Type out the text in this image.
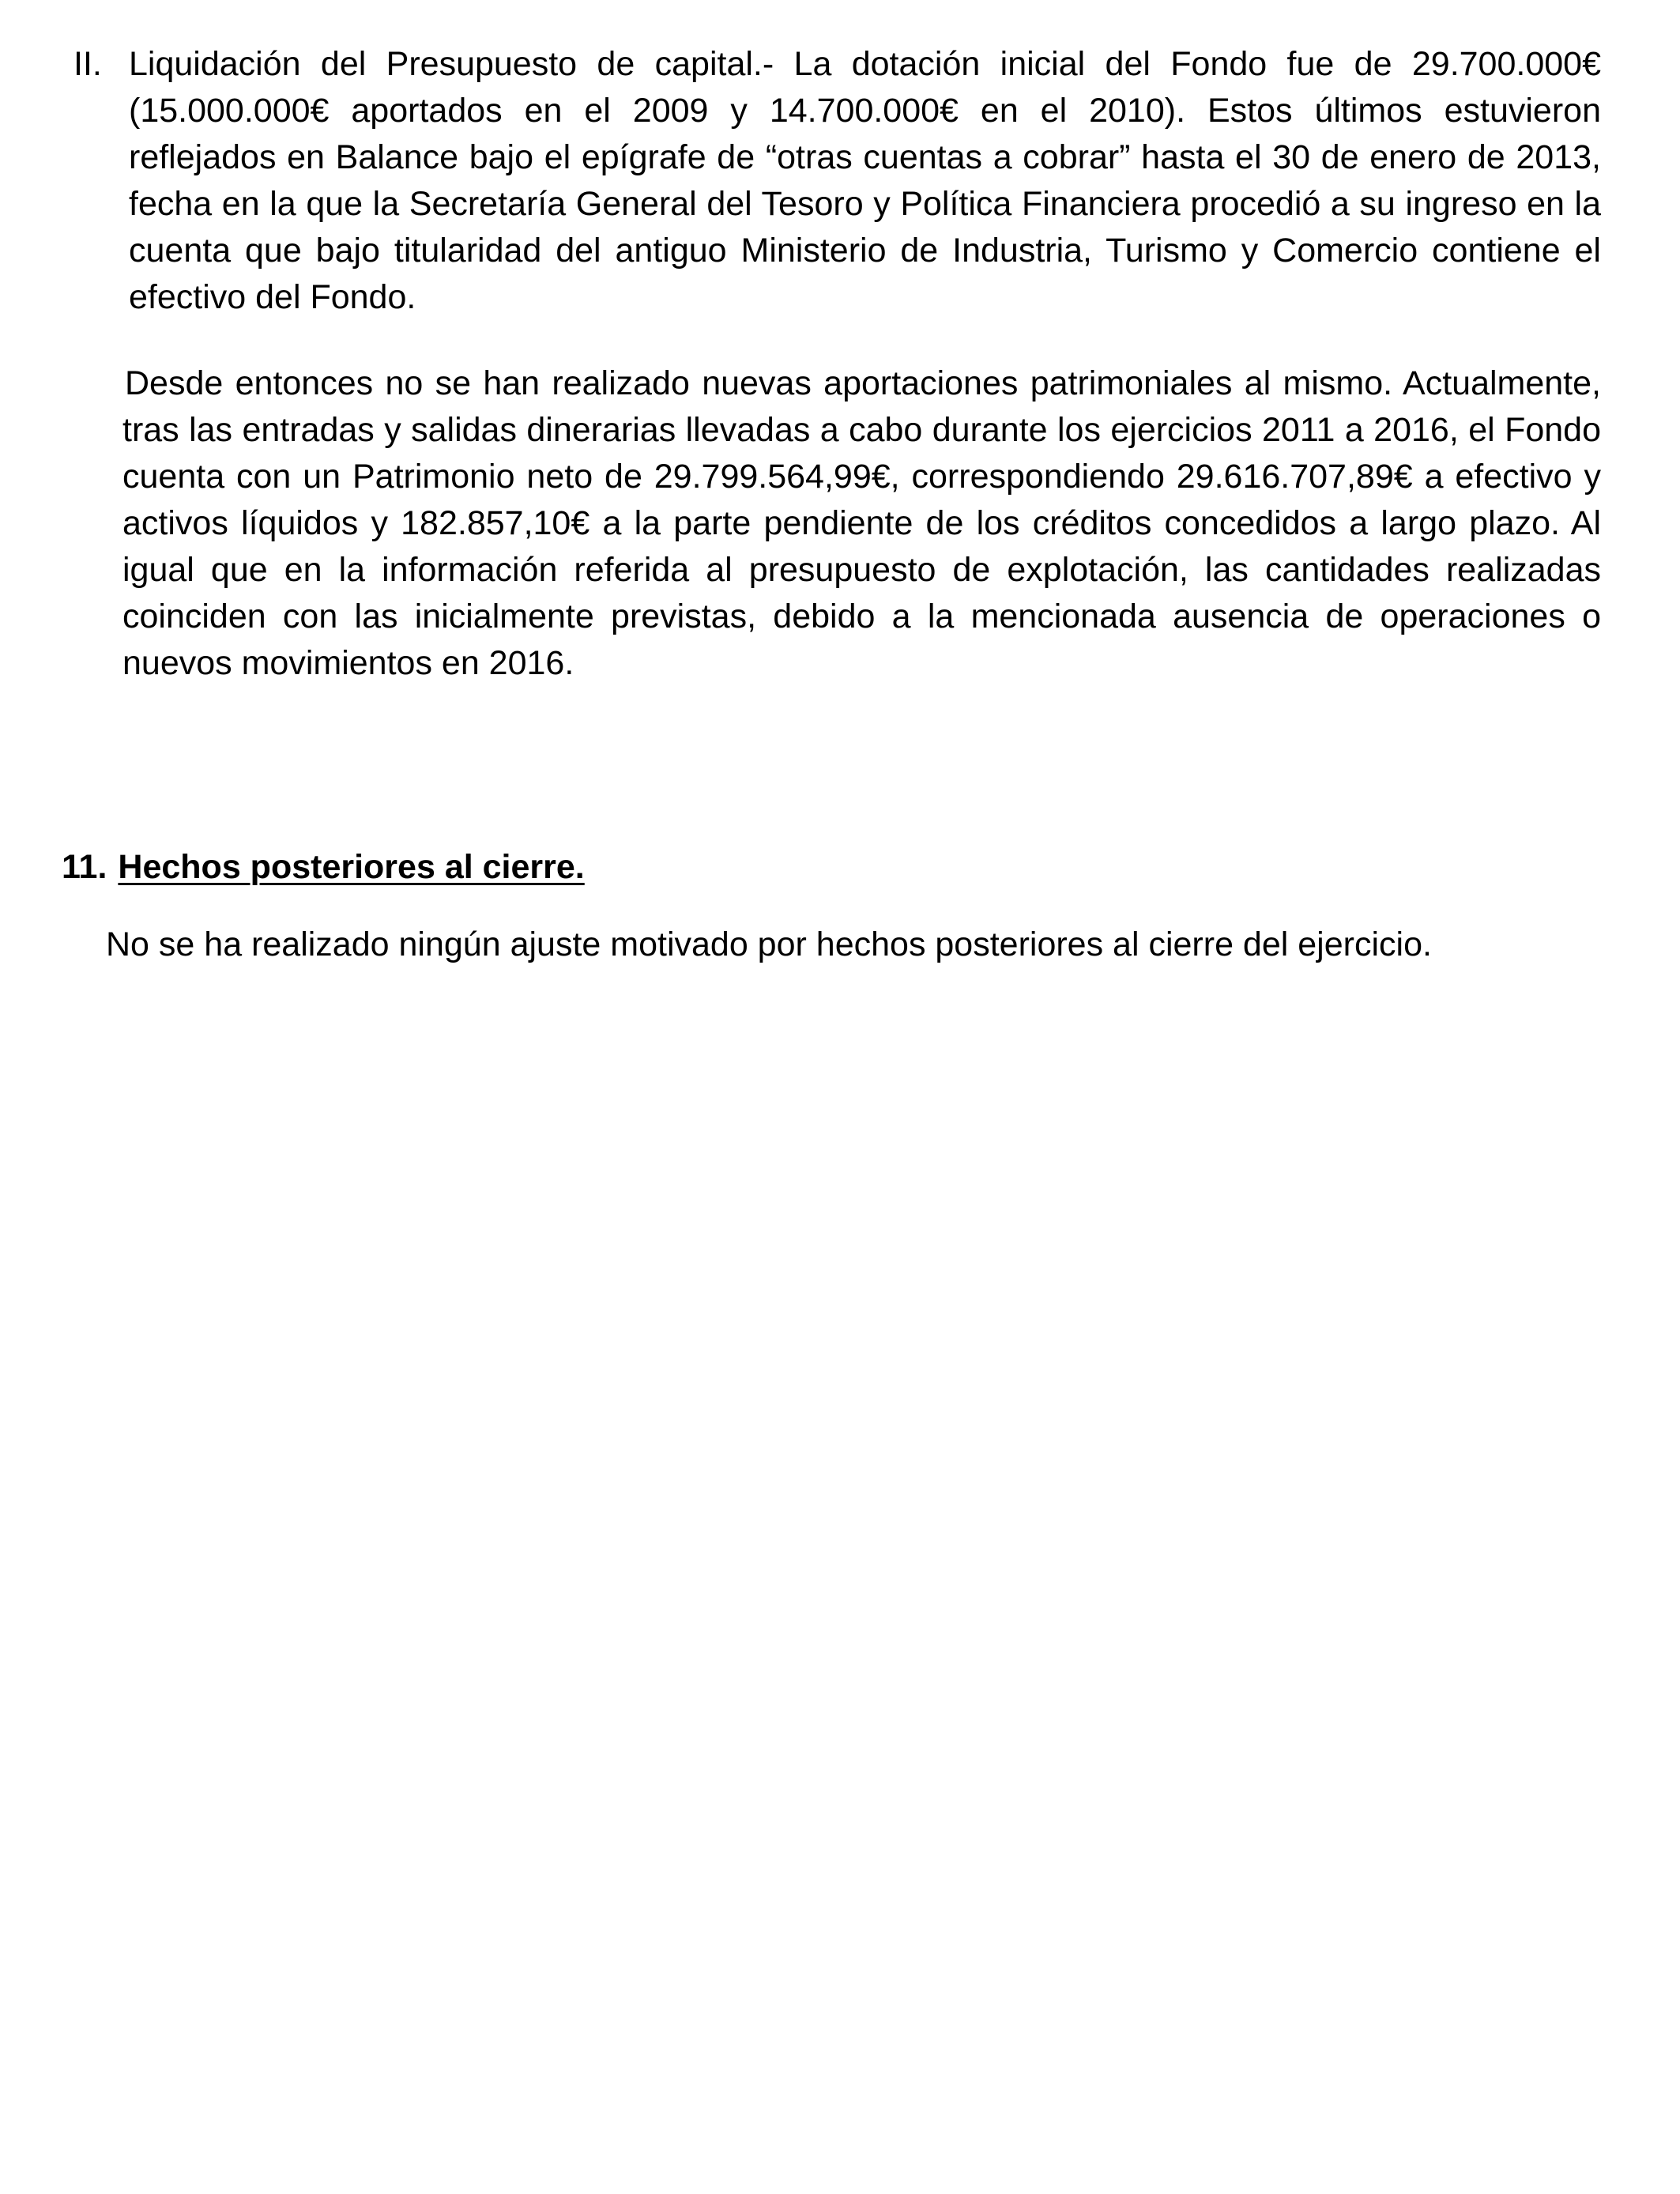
II. Liquidación del Presupuesto de capital.- La dotación inicial del Fondo fue de 29.700.000€ (15.000.000€ aportados en el 2009 y 14.700.000€ en el 2010). Estos últimos estuvieron reflejados en Balance bajo el epígrafe de “otras cuentas a cobrar” hasta el 30 de enero de 2013, fecha en la que la Secretaría General del Tesoro y Política Financiera procedió a su ingreso en la cuenta que bajo titularidad del antiguo Ministerio de Industria, Turismo y Comercio contiene el efectivo del Fondo.

Desde entonces no se han realizado nuevas aportaciones patrimoniales al mismo. Actualmente, tras las entradas y salidas dinerarias llevadas a cabo durante los ejercicios 2011 a 2016, el Fondo cuenta con un Patrimonio neto de 29.799.564,99€, correspondiendo 29.616.707,89€ a efectivo y activos líquidos y 182.857,10€ a la parte pendiente de los créditos concedidos a largo plazo. Al igual que en la información referida al presupuesto de explotación, las cantidades realizadas coinciden con las inicialmente previstas, debido a la mencionada ausencia de operaciones o nuevos movimientos en 2016.

11. Hechos posteriores al cierre.

No se ha realizado ningún ajuste motivado por hechos posteriores al cierre del ejercicio.
